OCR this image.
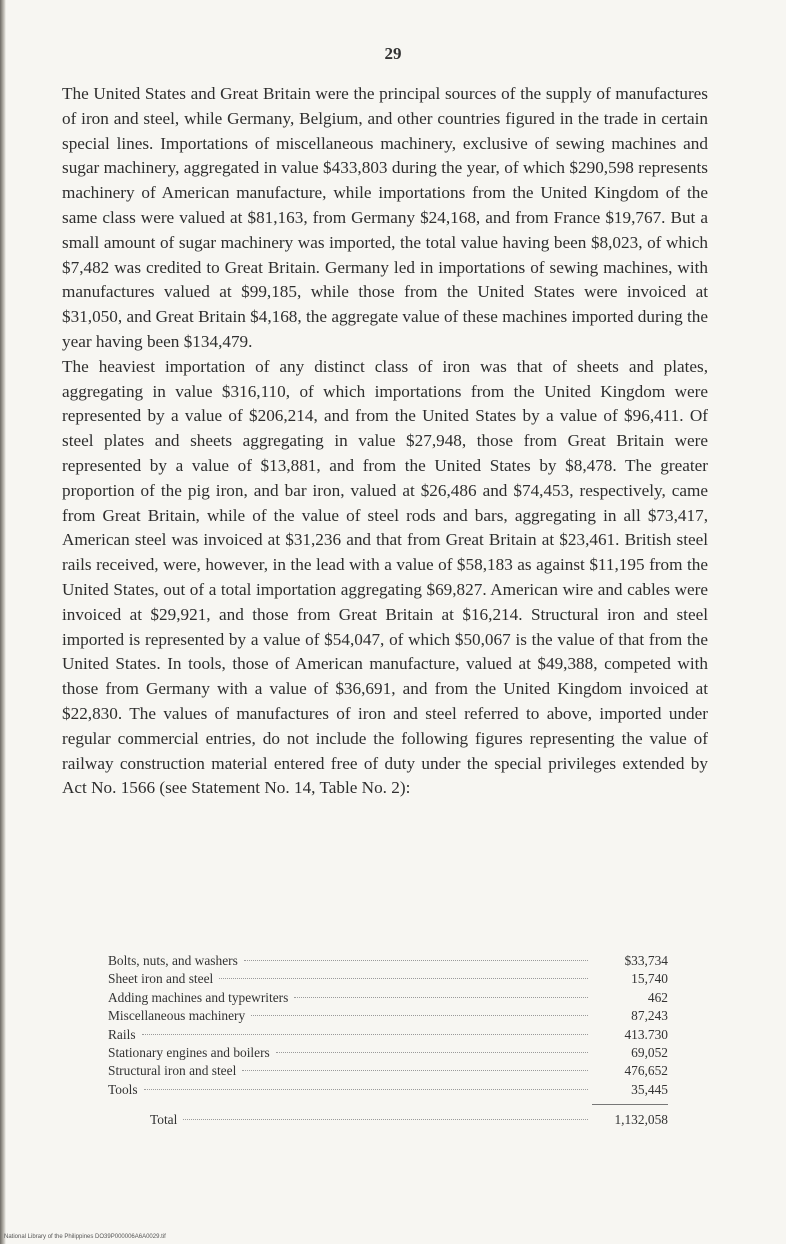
29

The United States and Great Britain were the principal sources of the supply of manufactures of iron and steel, while Germany, Belgium, and other countries figured in the trade in certain special lines. Importations of miscellaneous machinery, exclusive of sewing machines and sugar machinery, aggregated in value $433,803 during the year, of which $290,598 represents machinery of American manufacture, while importations from the United Kingdom of the same class were valued at $81,163, from Germany $24,168, and from France $19,767. But a small amount of sugar machinery was imported, the total value having been $8,023, of which $7,482 was credited to Great Britain. Germany led in importations of sewing machines, with manufactures valued at $99,185, while those from the United States were invoiced at $31,050, and Great Britain $4,168, the aggregate value of these machines imported during the year having been $134,479.

The heaviest importation of any distinct class of iron was that of sheets and plates, aggregating in value $316,110, of which importations from the United Kingdom were represented by a value of $206,214, and from the United States by a value of $96,411. Of steel plates and sheets aggregating in value $27,948, those from Great Britain were represented by a value of $13,881, and from the United States by $8,478. The greater proportion of the pig iron, and bar iron, valued at $26,486 and $74,453, respectively, came from Great Britain, while of the value of steel rods and bars, aggregating in all $73,417, American steel was invoiced at $31,236 and that from Great Britain at $23,461. British steel rails received, were, however, in the lead with a value of $58,183 as against $11,195 from the United States, out of a total importation aggregating $69,827. American wire and cables were invoiced at $29,921, and those from Great Britain at $16,214. Structural iron and steel imported is represented by a value of $54,047, of which $50,067 is the value of that from the United States. In tools, those of American manufacture, valued at $49,388, competed with those from Germany with a value of $36,691, and from the United Kingdom invoiced at $22,830. The values of manufactures of iron and steel referred to above, imported under regular commercial entries, do not include the following figures representing the value of railway construction material entered free of duty under the special privileges extended by Act No. 1566 (see Statement No. 14, Table No. 2):

Bolts, nuts, and washers	$33,734
Sheet iron and steel	15,740
Adding machines and typewriters	462
Miscellaneous machinery	87,243
Rails	413.730
Stationary engines and boilers	69,052
Structural iron and steel	476,652
Tools	35,445
Total	1,132,058
National Library of the Philippines DO39P000006A6A0029.tif
